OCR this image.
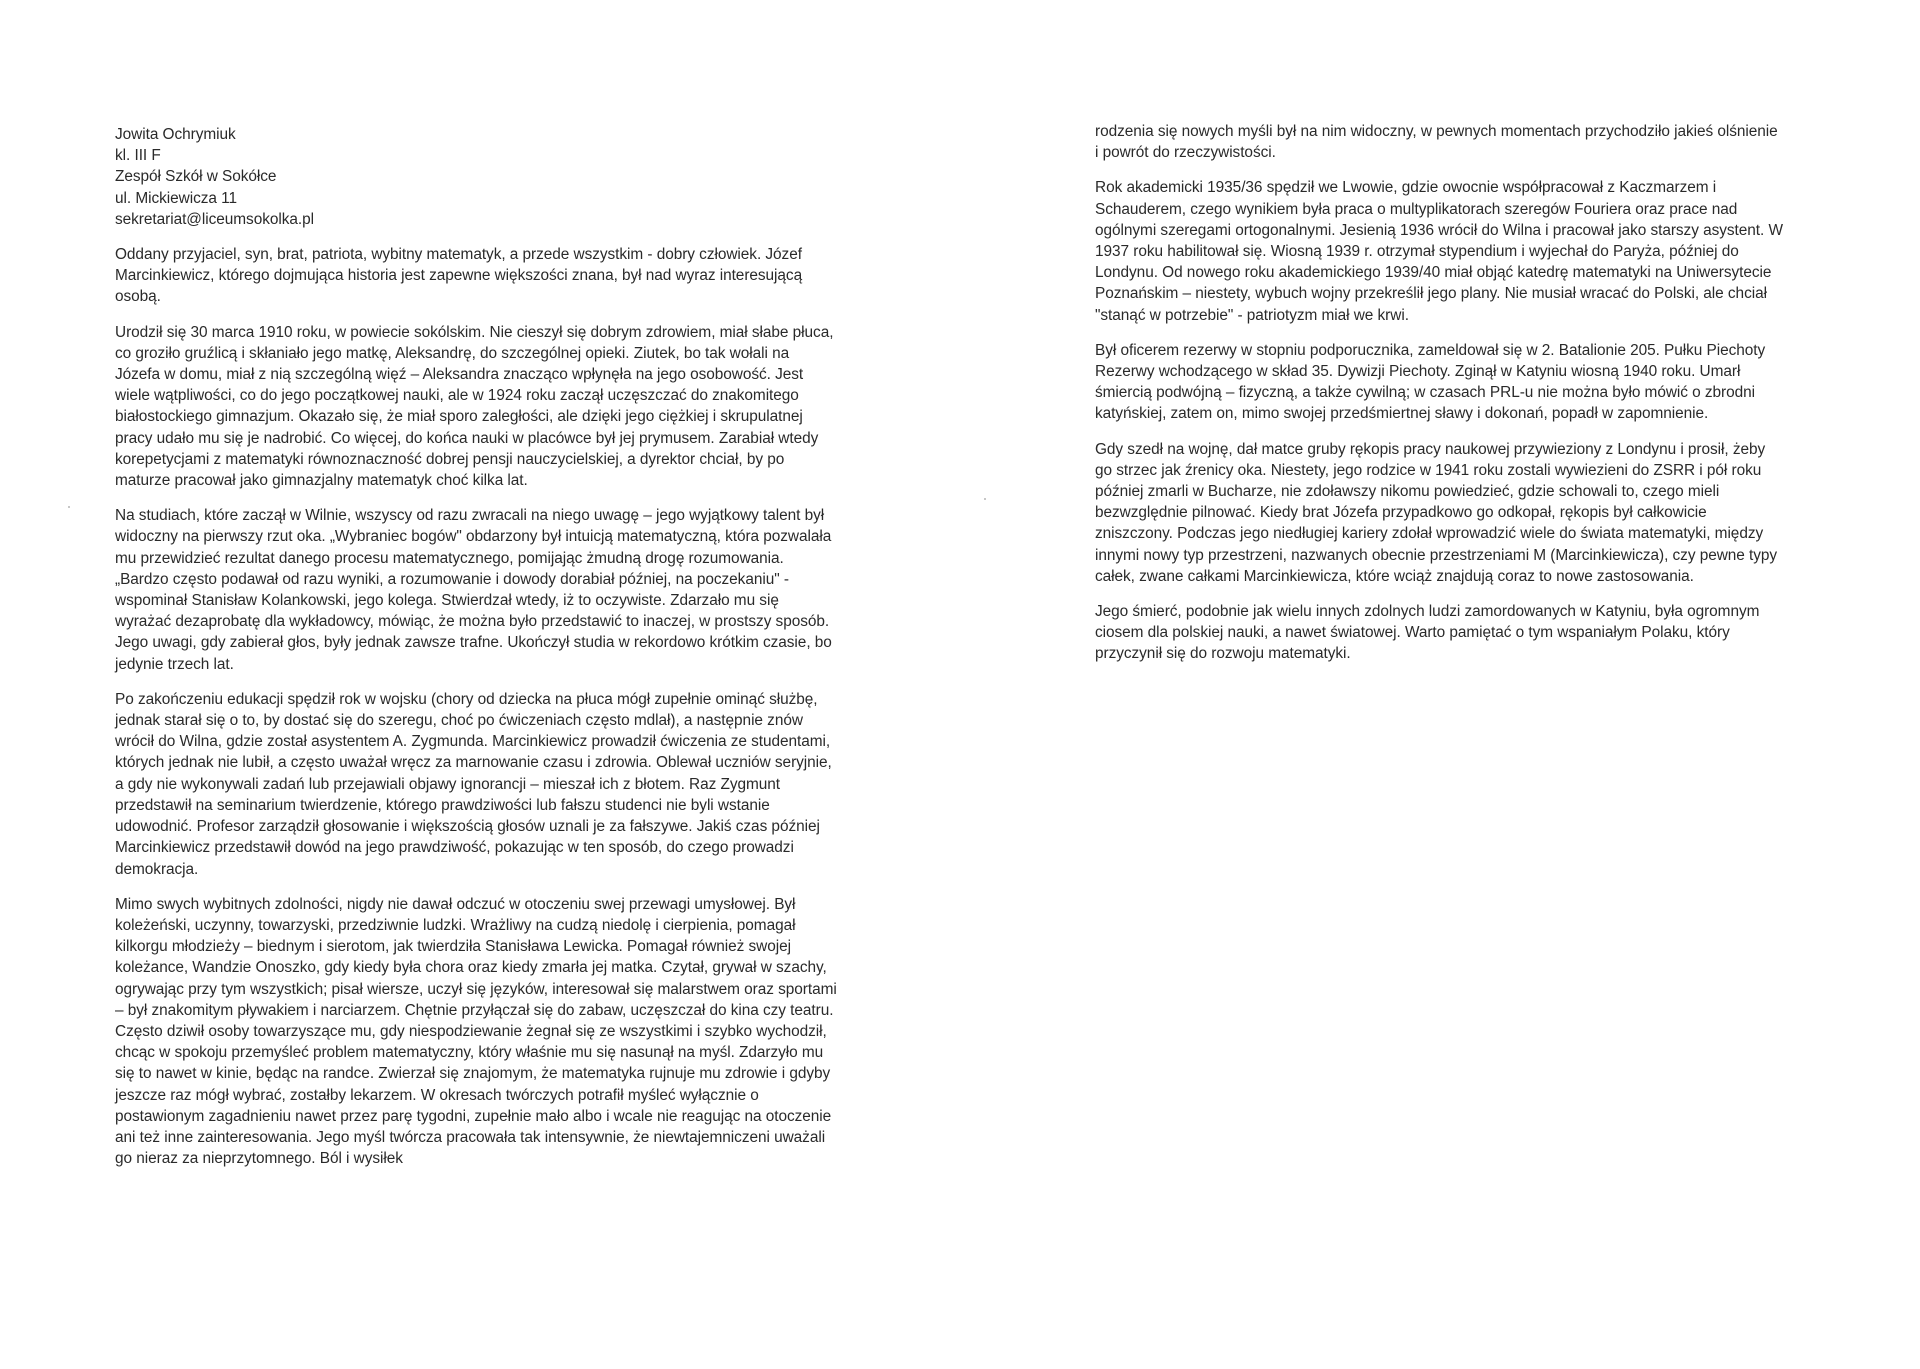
Jowita Ochrymiuk
kl. III F
Zespół Szkół w Sokółce
ul. Mickiewicza 11
sekretariat@liceumsokolka.pl

Oddany przyjaciel, syn, brat, patriota, wybitny matematyk, a przede wszystkim - dobry człowiek. Józef Marcinkiewicz, którego dojmująca historia jest zapewne większości znana, był nad wyraz interesującą osobą.

Urodził się 30 marca 1910 roku, w powiecie sokólskim. Nie cieszył się dobrym zdrowiem, miał słabe płuca, co groziło gruźlicą i skłaniało jego matkę, Aleksandrę, do szczególnej opieki. Ziutek, bo tak wołali na Józefa w domu, miał z nią szczególną więź – Aleksandra znacząco wpłynęła na jego osobowość. Jest wiele wątpliwości, co do jego początkowej nauki, ale w 1924 roku zaczął uczęszczać do znakomitego białostockiego gimnazjum. Okazało się, że miał sporo zaległości, ale dzięki jego ciężkiej i skrupulatnej pracy udało mu się je nadrobić. Co więcej, do końca nauki w placówce był jej prymusem. Zarabiał wtedy korepetycjami z matematyki równoznaczność dobrej pensji nauczycielskiej, a dyrektor chciał, by po maturze pracował jako gimnazjalny matematyk choć kilka lat.

Na studiach, które zaczął w Wilnie, wszyscy od razu zwracali na niego uwagę – jego wyjątkowy talent był widoczny na pierwszy rzut oka. „Wybraniec bogów" obdarzony był intuicją matematyczną, która pozwalała mu przewidzieć rezultat danego procesu matematycznego, pomijając żmudną drogę rozumowania. „Bardzo często podawał od razu wyniki, a rozumowanie i dowody dorabiał później, na poczekaniu" - wspominał Stanisław Kolankowski, jego kolega. Stwierdzał wtedy, iż to oczywiste. Zdarzało mu się wyrażać dezaprobatę dla wykładowcy, mówiąc, że można było przedstawić to inaczej, w prostszy sposób. Jego uwagi, gdy zabierał głos, były jednak zawsze trafne. Ukończył studia w rekordowo krótkim czasie, bo jedynie trzech lat.

Po zakończeniu edukacji spędził rok w wojsku (chory od dziecka na płuca mógł zupełnie ominąć służbę, jednak starał się o to, by dostać się do szeregu, choć po ćwiczeniach często mdlał), a następnie znów wrócił do Wilna, gdzie został asystentem A. Zygmunda. Marcinkiewicz prowadził ćwiczenia ze studentami, których jednak nie lubił, a często uważał wręcz za marnowanie czasu i zdrowia. Oblewał uczniów seryjnie, a gdy nie wykonywali zadań lub przejawiali objawy ignorancji – mieszał ich z błotem. Raz Zygmunt przedstawił na seminarium twierdzenie, którego prawdziwości lub fałszu studenci nie byli wstanie udowodnić. Profesor zarządził głosowanie i większością głosów uznali je za fałszywe. Jakiś czas później Marcinkiewicz przedstawił dowód na jego prawdziwość, pokazując w ten sposób, do czego prowadzi demokracja.

Mimo swych wybitnych zdolności, nigdy nie dawał odczuć w otoczeniu swej przewagi umysłowej. Był koleżeński, uczynny, towarzyski, przedziwnie ludzki. Wrażliwy na cudzą niedolę i cierpienia, pomagał kilkorgu młodzieży – biednym i sierotom, jak twierdziła Stanisława Lewicka. Pomagał również swojej koleżance, Wandzie Onoszko, gdy kiedy była chora oraz kiedy zmarła jej matka. Czytał, grywał w szachy, ogrywając przy tym wszystkich; pisał wiersze, uczył się języków, interesował się malarstwem oraz sportami – był znakomitym pływakiem i narciarzem. Chętnie przyłączał się do zabaw, uczęszczał do kina czy teatru. Często dziwił osoby towarzyszące mu, gdy niespodziewanie żegnał się ze wszystkimi i szybko wychodził, chcąc w spokoju przemyśleć problem matematyczny, który właśnie mu się nasunął na myśl. Zdarzyło mu się to nawet w kinie, będąc na randce. Zwierzał się znajomym, że matematyka rujnuje mu zdrowie i gdyby jeszcze raz mógł wybrać, zostałby lekarzem. W okresach twórczych potrafił myśleć wyłącznie o postawionym zagadnieniu nawet przez parę tygodni, zupełnie mało albo i wcale nie reagując na otoczenie ani też inne zainteresowania. Jego myśl twórcza pracowała tak intensywnie, że niewtajemniczeni uważali go nieraz za nieprzytomnego. Ból i wysiłek

rodzenia się nowych myśli był na nim widoczny, w pewnych momentach przychodziło jakieś olśnienie i powrót do rzeczywistości.

Rok akademicki 1935/36 spędził we Lwowie, gdzie owocnie współpracował z Kaczmarzem i Schauderem, czego wynikiem była praca o multyplikatorach szeregów Fouriera oraz prace nad ogólnymi szeregami ortogonalnymi. Jesienią 1936 wrócił do Wilna i pracował jako starszy asystent. W 1937 roku habilitował się. Wiosną 1939 r. otrzymał stypendium i wyjechał do Paryża, później do Londynu. Od nowego roku akademickiego 1939/40 miał objąć katedrę matematyki na Uniwersytecie Poznańskim – niestety, wybuch wojny przekreślił jego plany. Nie musiał wracać do Polski, ale chciał "stanąć w potrzebie" - patriotyzm miał we krwi.

Był oficerem rezerwy w stopniu podporucznika, zameldował się w 2. Batalionie 205. Pułku Piechoty Rezerwy wchodzącego w skład 35. Dywizji Piechoty. Zginął w Katyniu wiosną 1940 roku. Umarł śmiercią podwójną – fizyczną, a także cywilną; w czasach PRL-u nie można było mówić o zbrodni katyńskiej, zatem on, mimo swojej przedśmiertnej sławy i dokonań, popadł w zapomnienie.

Gdy szedł na wojnę, dał matce gruby rękopis pracy naukowej przywieziony z Londynu i prosił, żeby go strzec jak źrenicy oka. Niestety, jego rodzice w 1941 roku zostali wywiezieni do ZSRR i pół roku później zmarli w Bucharze, nie zdoławszy nikomu powiedzieć, gdzie schowali to, czego mieli bezwzględnie pilnować. Kiedy brat Józefa przypadkowo go odkopał, rękopis był całkowicie zniszczony. Podczas jego niedługiej kariery zdołał wprowadzić wiele do świata matematyki, między innymi nowy typ przestrzeni, nazwanych obecnie przestrzeniami M (Marcinkiewicza), czy pewne typy całek, zwane całkami Marcinkiewicza, które wciąż znajdują coraz to nowe zastosowania.

Jego śmierć, podobnie jak wielu innych zdolnych ludzi zamordowanych w Katyniu, była ogromnym ciosem dla polskiej nauki, a nawet światowej. Warto pamiętać o tym wspaniałym Polaku, który przyczynił się do rozwoju matematyki.
